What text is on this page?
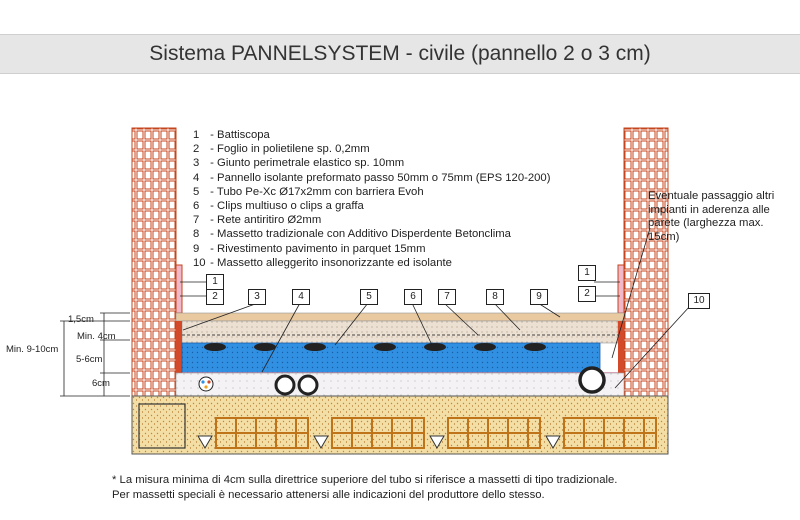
Sistema PANNELSYSTEM - civile (pannello 2 o 3 cm)
1 - Battiscopa
2 - Foglio in polietilene sp. 0,2mm
3 - Giunto perimetrale elastico sp. 10mm
4 - Pannello isolante preformato passo 50mm o 75mm (EPS 120-200)
5 - Tubo Pe-Xc Ø17x2mm con barriera Evoh
6 - Clips multiuso o clips a graffa
7 - Rete antiritiro Ø2mm
8 - Massetto tradizionale con Additivo Disperdente Betonclima
9 - Rivestimento pavimento in parquet 15mm
10 - Massetto alleggerito insonorizzante ed isolante
Eventuale passaggio altri impianti in aderenza alle parete (larghezza max. 15cm)
1,5cm
Min. 4cm
Min. 9-10cm
5-6cm
6cm
1
2	3	4	5	6	7	8	9
1
2
10
* La misura minima di 4cm sulla direttrice superiore del tubo si riferisce a massetti di tipo tradizionale.
Per massetti speciali è necessario attenersi alle indicazioni del produttore dello stesso.
